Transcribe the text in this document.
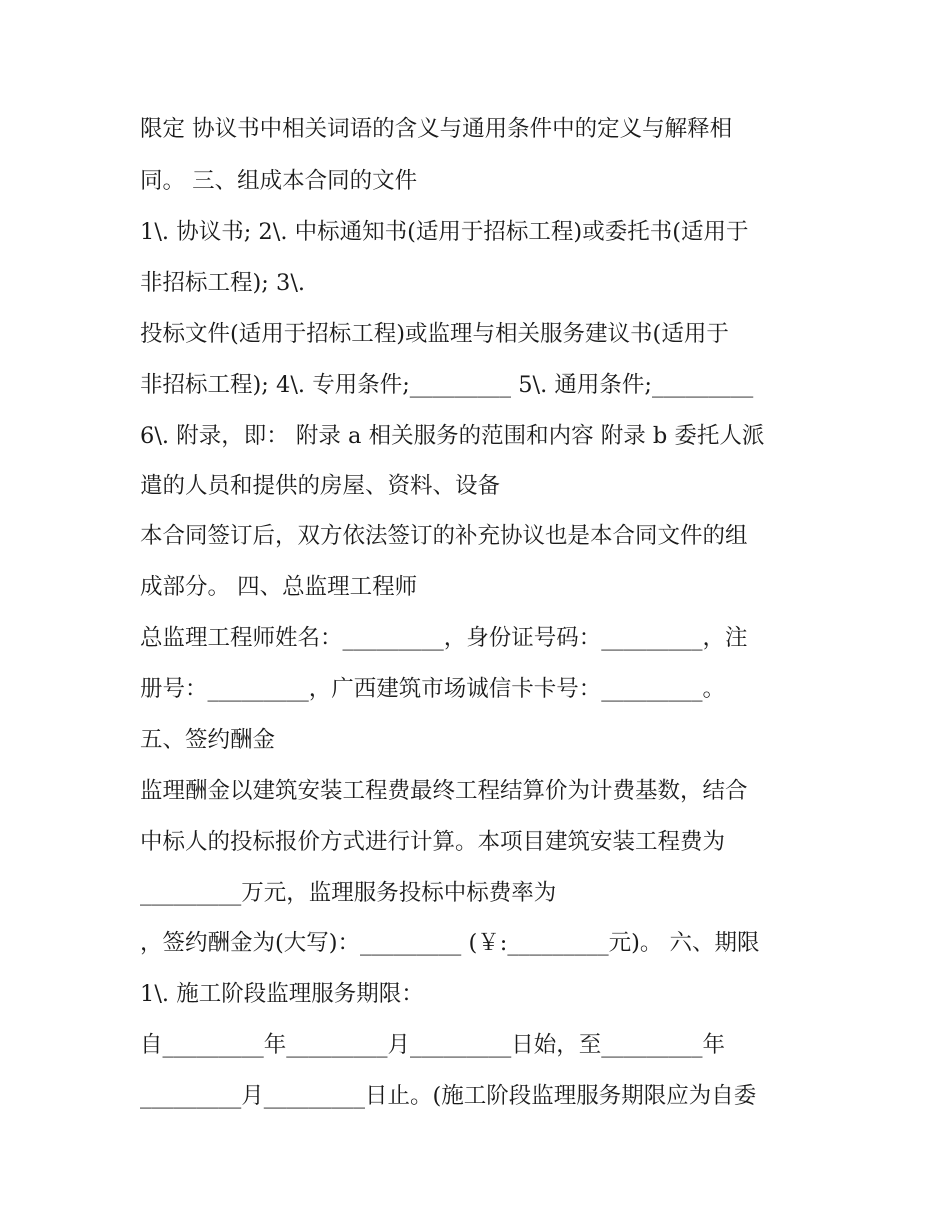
限定 协议书中相关词语的含义与通用条件中的定义与解释相
同。 三、组成本合同的文件
1\. 协议书; 2\. 中标通知书(适用于招标工程)或委托书(适用于
非招标工程); 3\.
投标文件(适用于招标工程)或监理与相关服务建议书(适用于
非招标工程); 4\. 专用条件;_________ 5\. 通用条件;_________
6\. 附录，即： 附录 a 相关服务的范围和内容 附录 b 委托人派
遣的人员和提供的房屋、资料、设备
本合同签订后，双方依法签订的补充协议也是本合同文件的组
成部分。 四、总监理工程师
总监理工程师姓名：_________，身份证号码：_________，注
册号：_________，广西建筑市场诚信卡卡号：_________。
五、签约酬金
监理酬金以建筑安装工程费最终工程结算价为计费基数，结合
中标人的投标报价方式进行计算。本项目建筑安装工程费为
_________万元，监理服务投标中标费率为
，签约酬金为(大写)：_________ (￥:_________元)。 六、期限
1\. 施工阶段监理服务期限：
自_________年_________月_________日始，至_________年
_________月_________日止。(施工阶段监理服务期限应为自委
